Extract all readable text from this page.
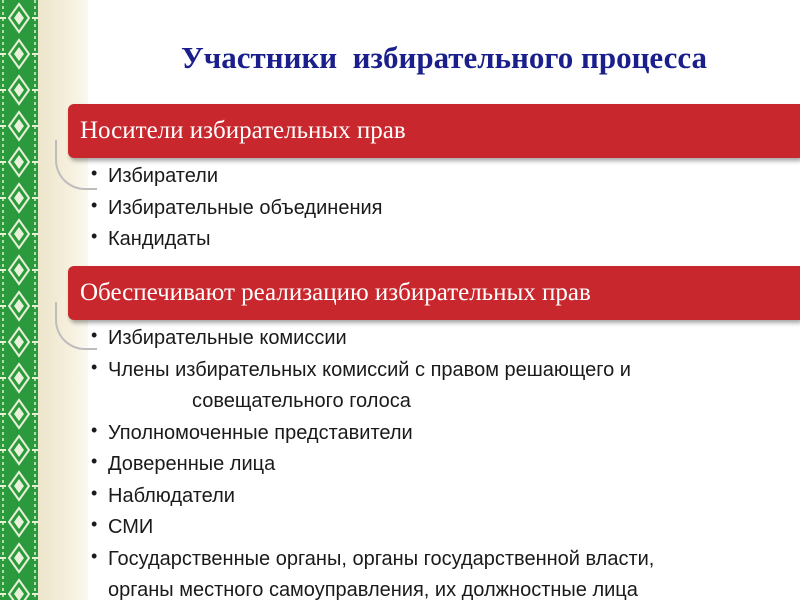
Участники  избирательного процесса
Носители избирательных прав
• Избиратели
• Избирательные объединения
• Кандидаты
Обеспечивают реализацию избирательных прав
• Избирательные комиссии
• Члены избирательных комиссий с правом решающего и
совещательного голоса
• Уполномоченные представители
• Доверенные лица
• Наблюдатели
• СМИ
• Государственные органы, органы государственной власти,
органы местного самоуправления, их должностные лица
